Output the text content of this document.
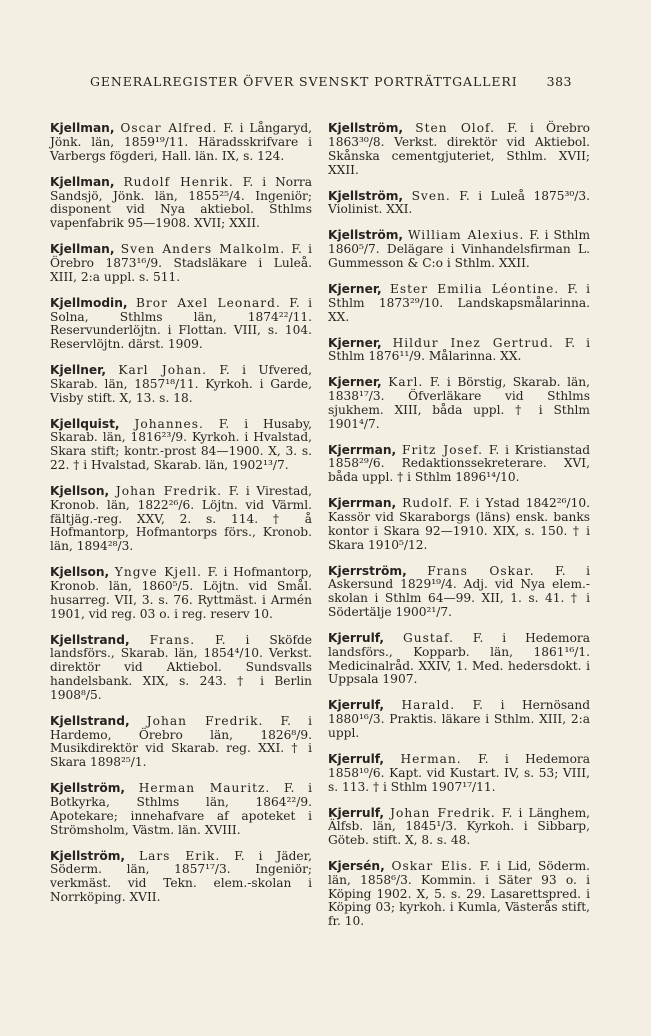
GENERALREGISTER ÖFVER SVENSKT PORTRÄTTGALLERI 383

Kjellman, Oscar Alfred. F. i Långaryd, Jönk. län, 1859¹⁹/11. Häradsskrifvare i Varbergs fögderi, Hall. län. IX, s. 124.

Kjellman, Rudolf Henrik. F. i Norra Sandsjö, Jönk. län, 1855²⁵/4. Ingeniör; disponent vid Nya aktiebol. Sthlms vapenfabrik 95—1908. XVII; XXII.

Kjellman, Sven Anders Malkolm. F. i Örebro 1873¹⁶/9. Stadsläkare i Luleå. XIII, 2:a uppl. s. 511.

Kjellmodin, Bror Axel Leonard. F. i Solna, Sthlms län, 1874²²/11. Reservunderlöjtn. i Flottan. VIII, s. 104. Reservlöjtn. därst. 1909.

Kjellner, Karl Johan. F. i Ufvered, Skarab. län, 1857¹⁸/11. Kyrkoh. i Garde, Visby stift. X, 13. s. 18.

Kjellquist, Johannes. F. i Husaby, Skarab. län, 1816²³/9. Kyrkoh. i Hvalstad, Skara stift; kontr.-prost 84—1900. X, 3. s. 22. † i Hvalstad, Skarab. län, 1902¹³/7.

Kjellson, Johan Fredrik. F. i Virestad, Kronob. län, 1822²⁶/6. Löjtn. vid Värml. fältjäg.-reg. XXV, 2. s. 114. † å Hofmantorp, Hofmantorps förs., Kronob. län, 1894²⁸/3.

Kjellson, Yngve Kjell. F. i Hofmantorp, Kronob. län, 1860⁵/5. Löjtn. vid Smål. husarreg. VII, 3. s. 76. Ryttmäst. i Armén 1901, vid reg. 03 o. i reg. reserv 10.

Kjellstrand, Frans. F. i Sköfde landsförs., Skarab. län, 1854⁴/10. Verkst. direktör vid Aktiebol. Sundsvalls handelsbank. XIX, s. 243. † i Berlin 1908⁸/5.

Kjellstrand, Johan Fredrik. F. i Hardemo, Örebro län, 1826⁸/9. Musikdirektör vid Skarab. reg. XXI. † i Skara 1898²⁵/1.

Kjellström, Herman Mauritz. F. i Botkyrka, Sthlms län, 1864²²/9. Apotekare; innehafvare af apoteket i Strömsholm, Västm. län. XVIII.

Kjellström, Lars Erik. F. i Jäder, Söderm. län, 1857¹⁷/3. Ingeniör; verkmäst. vid Tekn. elem.-skolan i Norrköping. XVII.

Kjellström, Sten Olof. F. i Örebro 1863³⁰/8. Verkst. direktör vid Aktiebol. Skånska cementgjuteriet, Sthlm. XVII; XXII.

Kjellström, Sven. F. i Luleå 1875³⁰/3. Violinist. XXI.

Kjellström, William Alexius. F. i Sthlm 1860⁵/7. Delägare i Vinhandelsfirman L. Gummesson & C:o i Sthlm. XXII.

Kjerner, Ester Emilia Léontine. F. i Sthlm 1873²⁹/10. Landskapsmålarinna. XX.

Kjerner, Hildur Inez Gertrud. F. i Sthlm 1876¹¹/9. Målarinna. XX.

Kjerner, Karl. F. i Börstig, Skarab. län, 1838¹⁷/3. Öfverläkare vid Sthlms sjukhem. XIII, båda uppl. † i Sthlm 1901⁴/7.

Kjerrman, Fritz Josef. F. i Kristianstad 1858²⁹/6. Redaktionssekreterare. XVI, båda uppl. † i Sthlm 1896¹⁴/10.

Kjerrman, Rudolf. F. i Ystad 1842²⁶/10. Kassör vid Skaraborgs (läns) ensk. banks kontor i Skara 92—1910. XIX, s. 150. † i Skara 1910⁵/12.

Kjerrström, Frans Oskar. F. i Askersund 1829¹⁹/4. Adj. vid Nya elem.-skolan i Sthlm 64—99. XII, 1. s. 41. † i Södertälje 1900²¹/7.

Kjerrulf, Gustaf. F. i Hedemora landsförs., Kopparb. län, 1861¹⁶/1. Medicinalråd. XXIV, 1. Med. hedersdokt. i Uppsala 1907.

Kjerrulf, Harald. F. i Hernösand 1880¹⁶/3. Praktis. läkare i Sthlm. XIII, 2:a uppl.

Kjerrulf, Herman. F. i Hedemora 1858¹⁰/6. Kapt. vid Kustart. IV, s. 53; VIII, s. 113. † i Sthlm 1907¹⁷/11.

Kjerrulf, Johan Fredrik. F. i Länghem, Älfsb. län, 1845¹/3. Kyrkoh. i Sibbarp, Göteb. stift. X, 8. s. 48.

Kjersén, Oskar Elis. F. i Lid, Söderm. län, 1858⁶/3. Kommin. i Säter 93 o. i Köping 1902. X, 5. s. 29. Lasarettspred. i Köping 03; kyrkoh. i Kumla, Västerås stift, fr. 10.
